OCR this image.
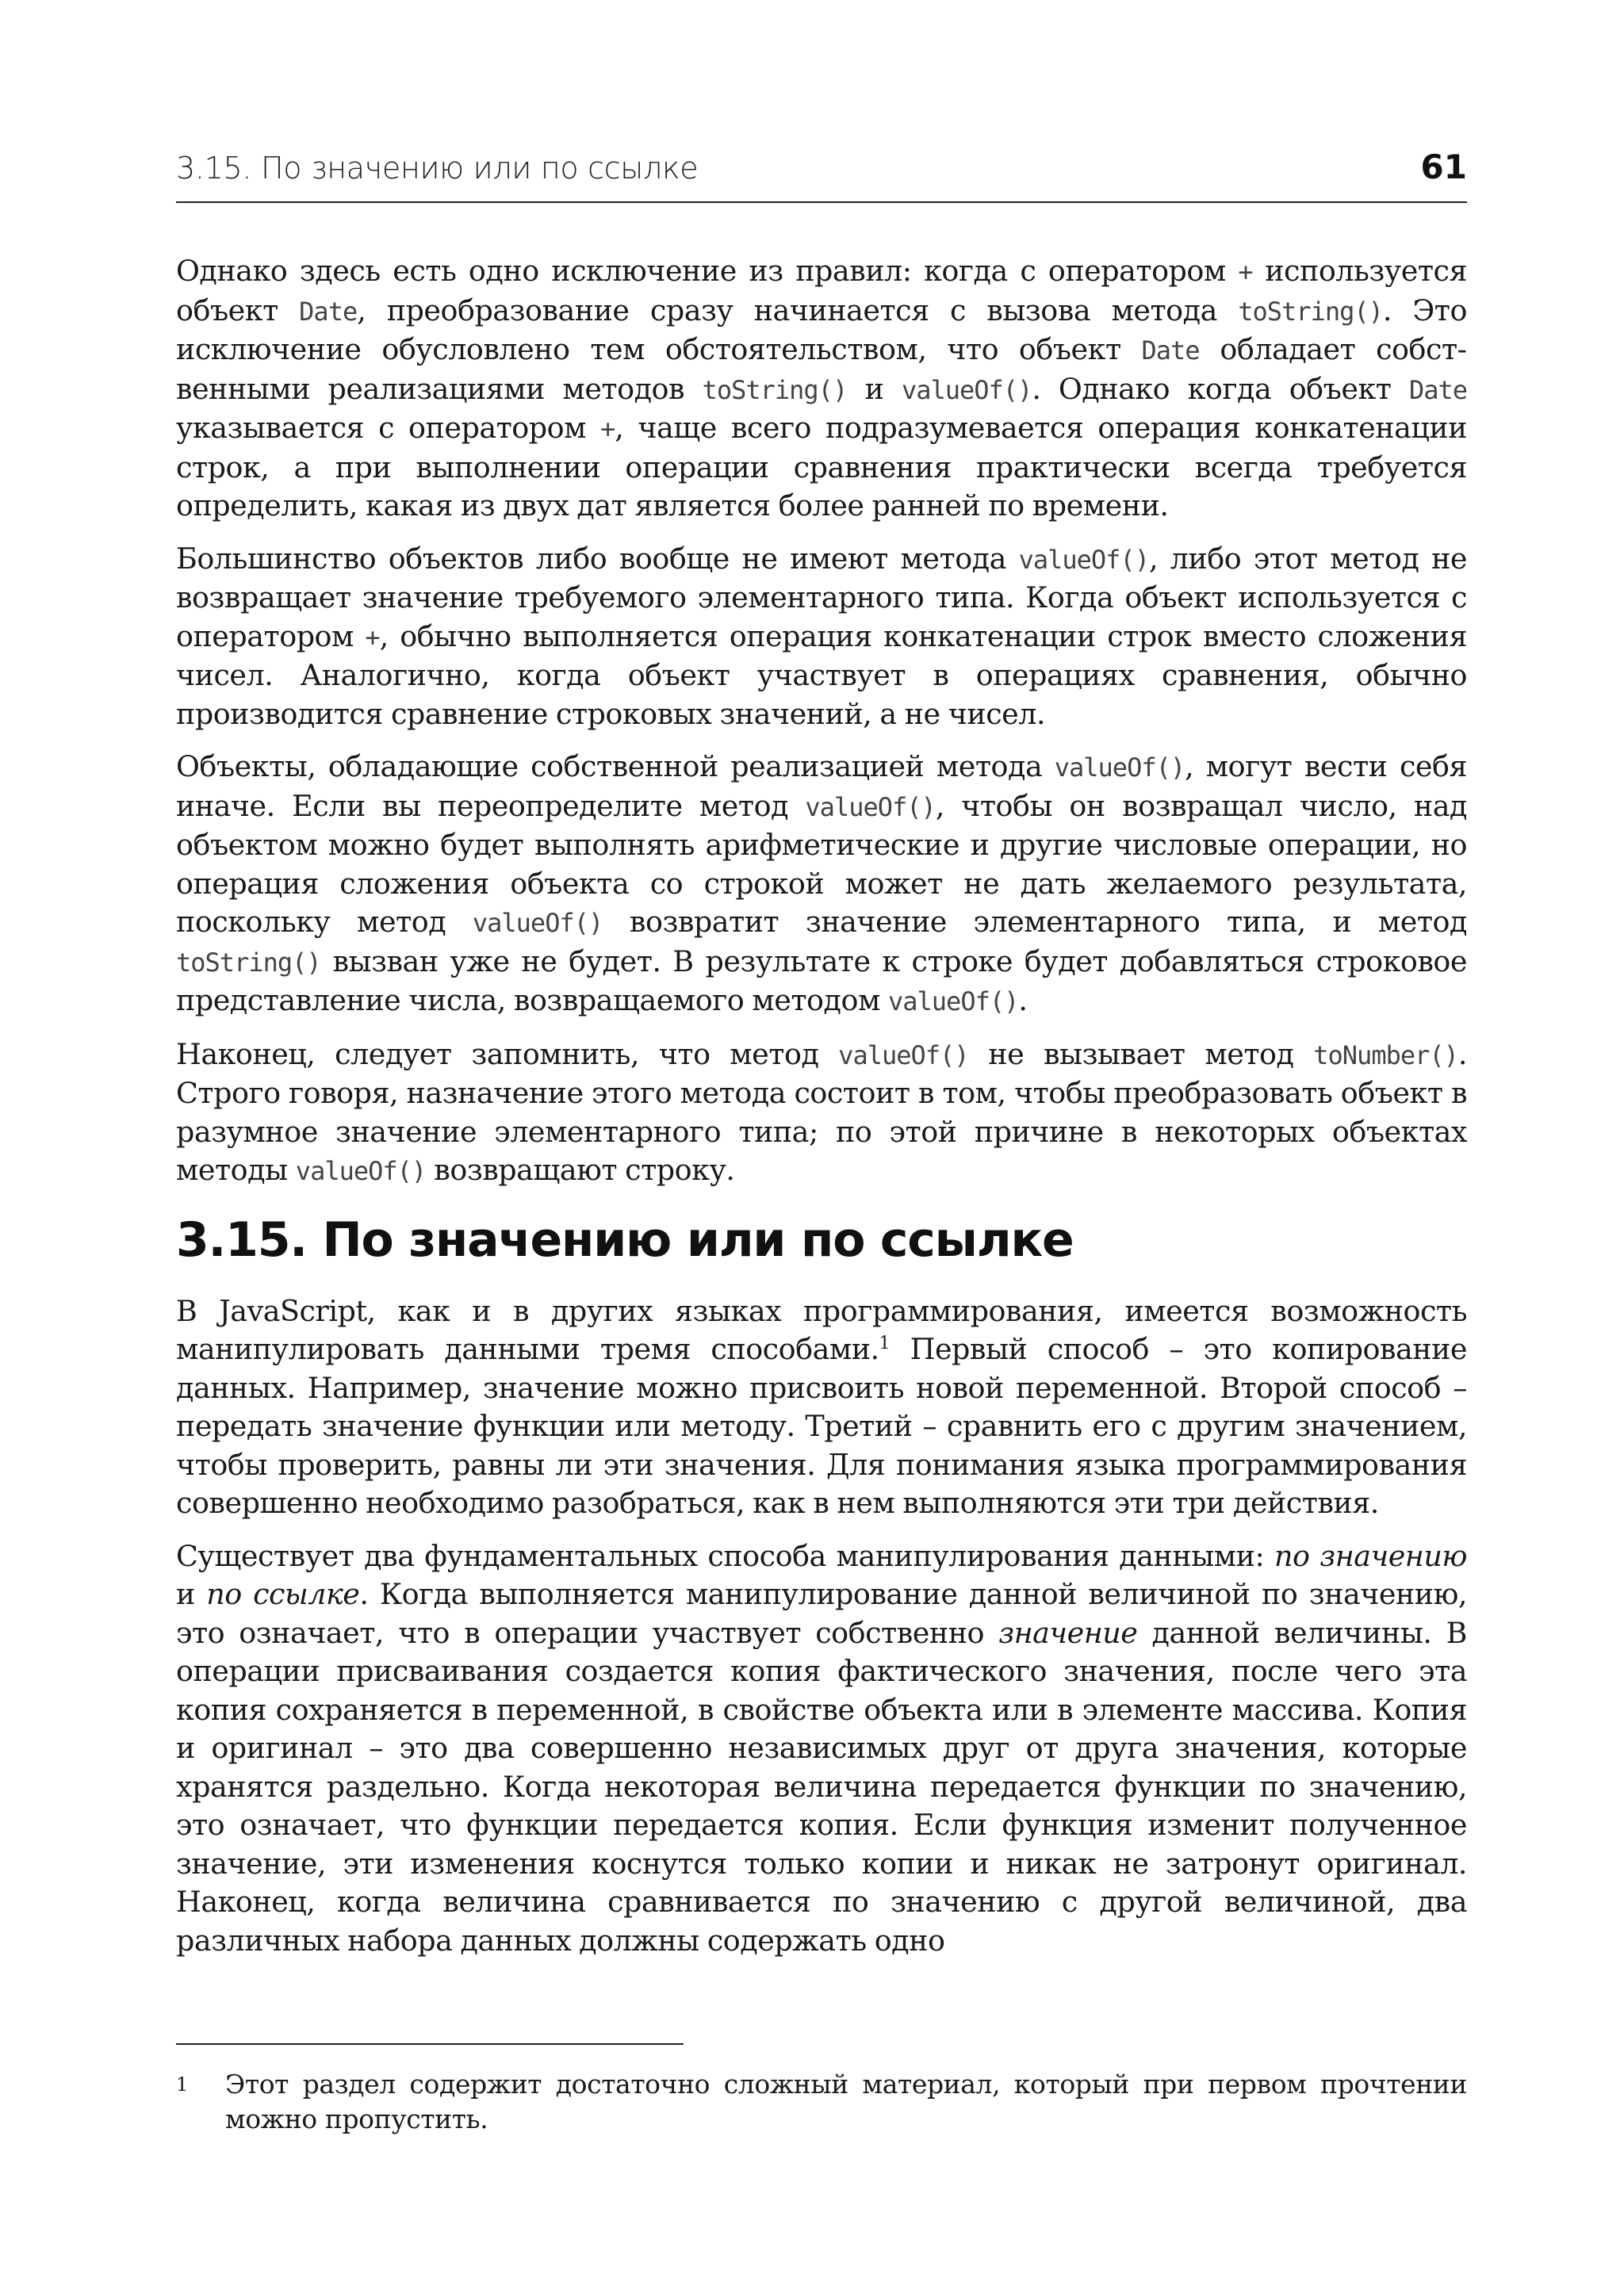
3.15. По значению или по ссылке	61

Однако здесь есть одно исключение из правил: когда с оператором + используется объект Date, преобразование сразу начинается с вызова метода toString(). Это исключение обусловлено тем обстоятельством, что объект Date обладает собственными реализациями методов toString() и valueOf(). Однако когда объект Date указывается с оператором +, чаще всего подразумевается операция конкатенации строк, а при выполнении операции сравнения практически всегда требуется определить, какая из двух дат является более ранней по времени.

Большинство объектов либо вообще не имеют метода valueOf(), либо этот метод не возвращает значение требуемого элементарного типа. Когда объект используется с оператором +, обычно выполняется операция конкатенации строк вместо сложения чисел. Аналогично, когда объект участвует в операциях сравнения, обычно производится сравнение строковых значений, а не чисел.

Объекты, обладающие собственной реализацией метода valueOf(), могут вести себя иначе. Если вы переопределите метод valueOf(), чтобы он возвращал число, над объектом можно будет выполнять арифметические и другие числовые операции, но операция сложения объекта со строкой может не дать желаемого результата, поскольку метод valueOf() возвратит значение элементарного типа, и метод toString() вызван уже не будет. В результате к строке будет добавляться строковое представление числа, возвращаемого методом valueOf().

Наконец, следует запомнить, что метод valueOf() не вызывает метод toNumber(). Строго говоря, назначение этого метода состоит в том, чтобы преобразовать объект в разумное значение элементарного типа; по этой причине в некоторых объектах методы valueOf() возвращают строку.

3.15. По значению или по ссылке

В JavaScript, как и в других языках программирования, имеется возможность манипулировать данными тремя способами.$^1$ Первый способ – это копирование данных. Например, значение можно присвоить новой переменной. Второй способ – передать значение функции или методу. Третий – сравнить его с другим значением, чтобы проверить, равны ли эти значения. Для понимания языка программирования совершенно необходимо разобраться, как в нем выполняются эти три действия.

Существует два фундаментальных способа манипулирования данными: по значению и по ссылке. Когда выполняется манипулирование данной величиной по значению, это означает, что в операции участвует собственно значение данной величины. В операции присваивания создается копия фактического значения, после чего эта копия сохраняется в переменной, в свойстве объекта или в элементе массива. Копия и оригинал – это два совершенно независимых друг от друга значения, которые хранятся раздельно. Когда некоторая величина передается функции по значению, это означает, что функции передается копия. Если функция изменит полученное значение, эти изменения коснутся только копии и никак не затронут оригинал. Наконец, когда величина сравнивается по значению с другой величиной, два различных набора данных должны содержать одно

1 Этот раздел содержит достаточно сложный материал, который при первом прочтении можно пропустить.
